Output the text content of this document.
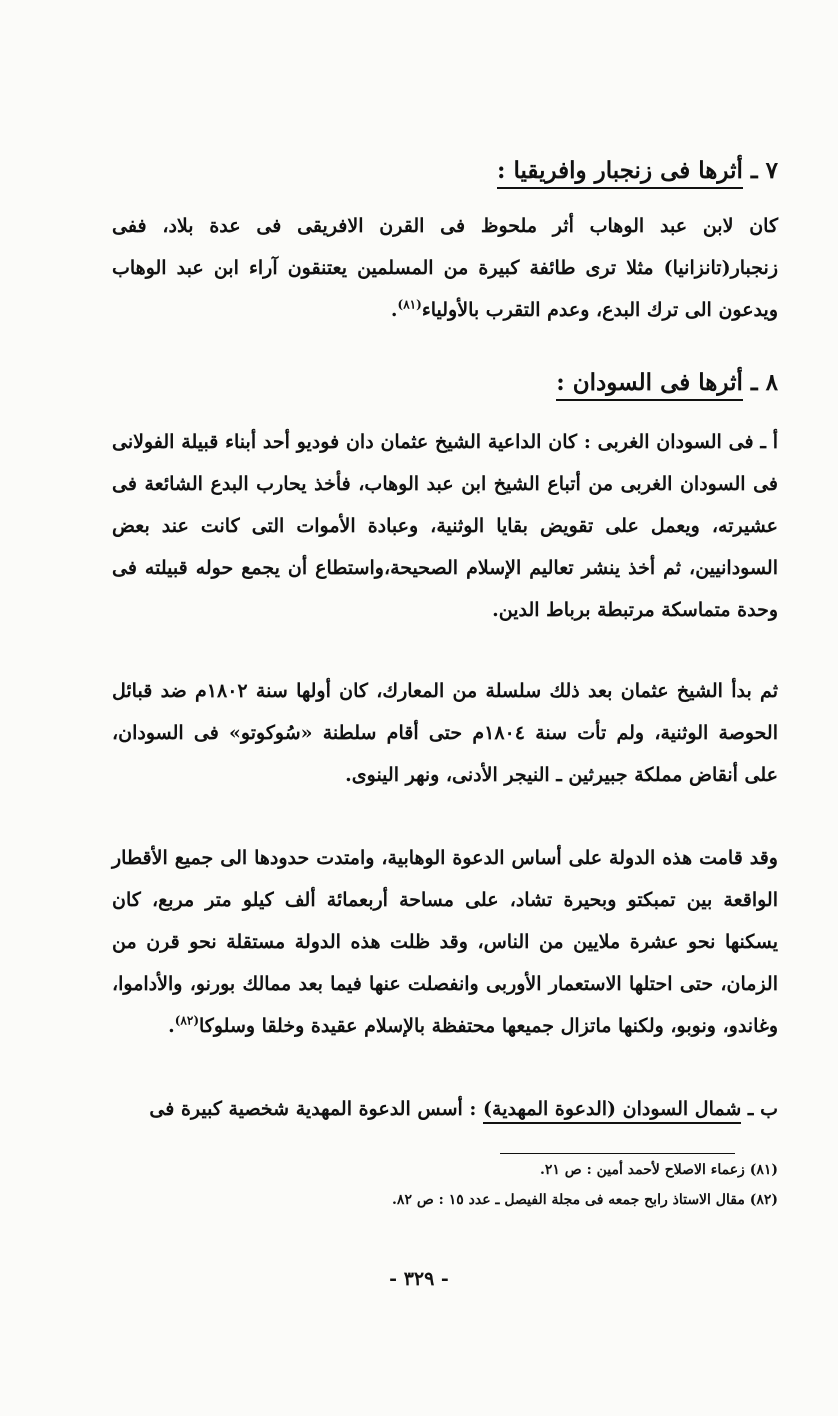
٧ ـ أثرها فى زنجبار وافريقيا :
كان لابن عبد الوهاب أثر ملحوظ فى القرن الافريقى فى عدة بلاد، ففى زنجبار(تانزانيا) مثلا ترى طائفة كبيرة من المسلمين يعتنقون آراء ابن عبد الوهاب ويدعون الى ترك البدع، وعدم التقرب بالأولياء$^{(٨١)}$.
٨ ـ أثرها فى السودان :
أ ـ فى السودان الغربى : كان الداعية الشيخ عثمان دان فوديو أحد أبناء قبيلة الفولانى فى السودان الغربى من أتباع الشيخ ابن عبد الوهاب، فأخذ يحارب البدع الشائعة فى عشيرته، ويعمل على تقويض بقايا الوثنية، وعبادة الأموات التى كانت عند بعض السودانيين، ثم أخذ ينشر تعاليم الإسلام الصحيحة،واستطاع أن يجمع حوله قبيلته فى وحدة متماسكة مرتبطة برباط الدين.
ثم بدأ الشيخ عثمان بعد ذلك سلسلة من المعارك، كان أولها سنة ١٨٠٢م ضد قبائل الحوصة الوثنية، ولم تأت سنة ١٨٠٤م حتى أقام سلطنة «سُوكوتو» فى السودان، على أنقاض مملكة جبيرثين ـ النيجر الأدنى، ونهر الينوى.
وقد قامت هذه الدولة على أساس الدعوة الوهابية، وامتدت حدودها الى جميع الأقطار الواقعة بين تمبكتو وبحيرة تشاد، على مساحة أربعمائة ألف كيلو متر مربع، كان يسكنها نحو عشرة ملايين من الناس، وقد ظلت هذه الدولة مستقلة نحو قرن من الزمان، حتى احتلها الاستعمار الأوربى وانفصلت عنها فيما بعد ممالك بورنو، والأداموا، وغاندو، ونوبو، ولكنها ماتزال جميعها محتفظة بالإسلام عقيدة وخلقا وسلوكا$^{(٨٢)}$.
ب ـ شمال السودان (الدعوة المهدية) : أسس الدعوة المهدية شخصية كبيرة فى
(٨١) زعماء الاصلاح لأحمد أمين : ص ٢١.
(٨٢) مقال الاستاذ رابح جمعه فى مجلة الفيصل ـ عدد ١٥ : ص ٨٢.
- ٣٢٩ -
